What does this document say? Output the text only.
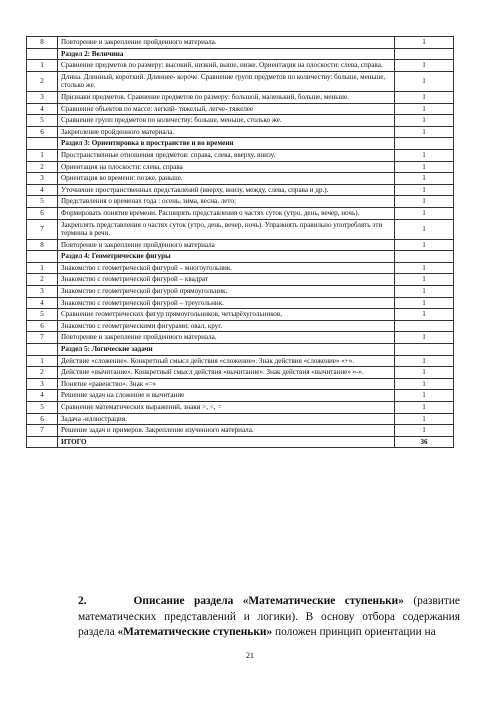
8	Повторение и закрепление пройденного материала.	1
	Раздел 2: Величина	
1	Сравнение предметов по размеру: высокий, низкий, выше, ниже. Ориентация на плоскости: слева, справа.	1
2	Длина. Длинный, короткий. Длиннее- короче. Сравнение групп предметов по количеству: больше, меньше, столько же.	1
3	Признаки предметов. Сравнение предметов по размеру: большой, маленький, больше, меньше.	1
4	Сравнение объектов по массе: легкий- тяжелый, легче- тяжелее	1
5	Сравнение групп предметов по количеству: больше, меньше, столько же.	1
6	Закрепление пройденного материала.	1
	Раздел 3: Ориентировка в пространстве и во времени	
1	Пространственные отношения предметов: справа, слева, вверху, внизу.	1
2	Ориентация на плоскости: слева, справа	1
3	Ориентация во времени: позже, раньше.	1
4	Уточнение пространственных представлений (вверху, внизу, между, слева, справа и др.).	1
5	Представления о временах года : осень, зима, весна, лето;	1
6	Формировать понятия времени. Расширять представления о частях суток (утро, день, вечер, ночь).	1
7	Закреплять представления о частях суток (утро, день, вечер, ночь). Упражнять правильно употреблять эти термины в речи.	1
8	Повторение и закрепление пройденного материала	1
	Раздел 4: Геометрические фигуры	
1	Знакомство с геометрической фигурой – многоугольник.	1
2	Знакомство с геометрической фигурой – квадрат	1
3	Знакомство с геометрической фигурой прямоугольник.	1
4	Знакомство с геометрической фигурой – треугольник.	1
5	Сравнение геометрических фигур прямоугольников, четырёхугольников,	1
6	Знакомство с геометрическими фигурами: овал, круг.	
7	Повторение и закрепление пройденного материала.	1
	Раздел 5: Логические задачи	
1	Действие «сложение». Конкретный смысл действия «сложение». Знак действия «сложение» «+».	1
2	Действие «вычитание». Конкретный смысл действия «вычитание». Знак действия «вычитание» «-».	1
3	Понятие «равенство». Знак «=»	1
4	Решение задач на сложение и вычитание	1
5	Сравнение математических выражений, знаки >, <, =	1
6	Задача -иллюстрация.	1
7	Решение задач и примеров. Закрепление изученного материала.	1
	ИТОГО	36
2.	Описание раздела «Математические ступеньки» (развитие математических представлений и логики). В основу отбора содержания раздела «Математические ступеньки» положен принцип ориентации на
21
